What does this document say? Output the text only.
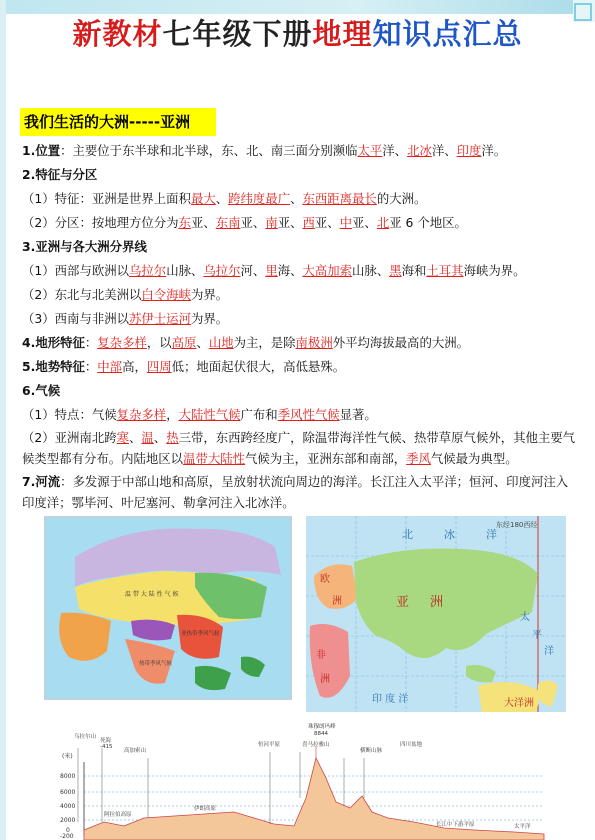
新教材七年级下册地理知识点汇总
我们生活的大洲-----亚洲
1.位置：主要位于东半球和北半球，东、北、南三面分别濒临太平洋、北冰洋、印度洋。
2.特征与分区
（1）特征：亚洲是世界上面积最大、跨纬度最广、东西距离最长的大洲。
（2）分区：按地理方位分为东亚、东南亚、南亚、西亚、中亚、北亚 6 个地区。
3.亚洲与各大洲分界线
（1）西部与欧洲以乌拉尔山脉、乌拉尔河、里海、大高加索山脉、黑海和土耳其海峡为界。
（2）东北与北美洲以白令海峡为界。
（3）西南与非洲以苏伊士运河为界。
4.地形特征：复杂多样，以高原、山地为主，是除南极洲外平均海拔最高的大洲。
5.地势特征：中部高，四周低；地面起伏很大，高低悬殊。
6.气候
（1）特点：气候复杂多样，大陆性气候广布和季风性气候显著。
（2）亚洲南北跨寒、温、热三带，东西跨经度广，除温带海洋性气候、热带草原气候外，其他主要气候类型都有分布。内陆地区以温带大陆性气候为主，亚洲东部和南部，季风气候最为典型。
7.河流：多发源于中部山地和高原，呈放射状流向周边的海洋。长江注入太平洋；恒河、印度河注入印度洋；鄂毕河、叶尼塞河、勒拿河注入北冰洋。
温 带 大 陆 性 气 候
热带季风气候
亚热带季风气候
北	冰	洋
东经180西经
欧
洲	亚 洲
非
洲
太
平
洋
印 度 洋	大洋洲
(米)
8000
6000
4000
2000
0
-200
乌拉尔山
死海
-415
高加索山
阿拉伯高原
伊朗高原
恒河平原
珠穆朗玛峰
8844
喜马拉雅山
横断山脉
四川盆地
长江中下游平原	太平洋
